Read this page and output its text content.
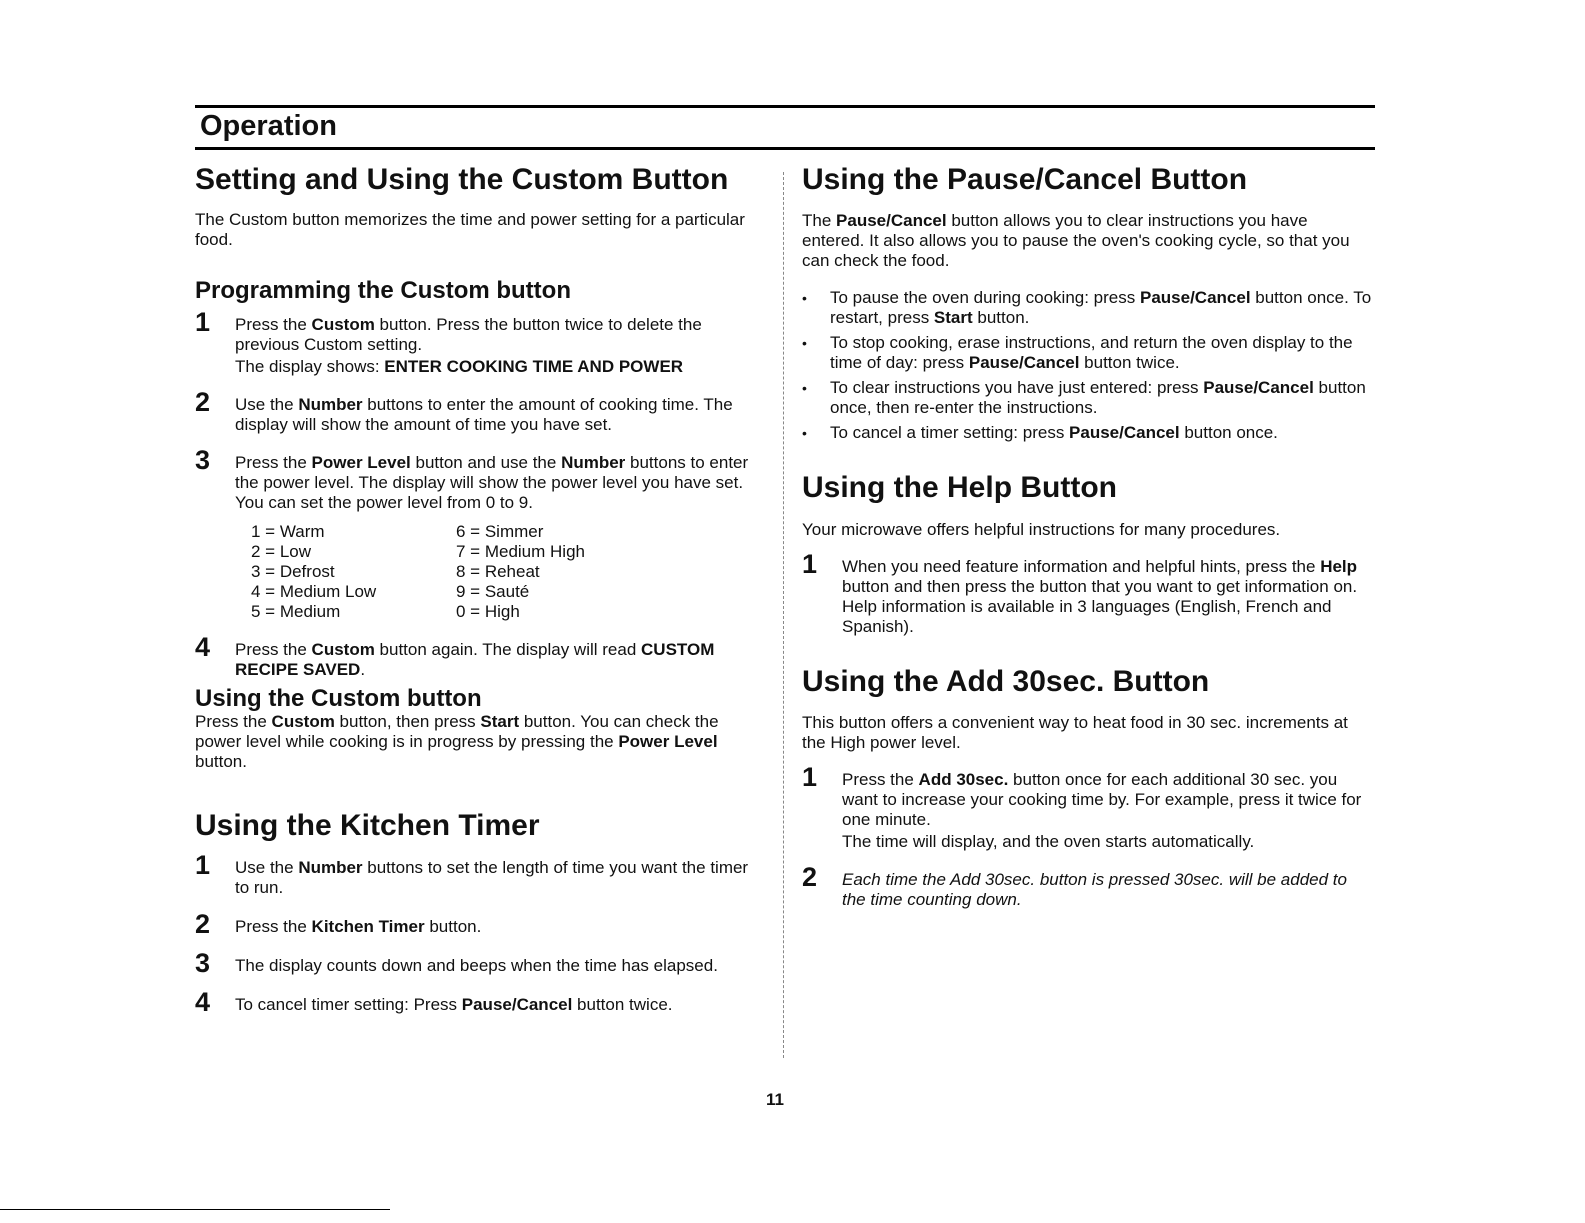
Operation
Setting and Using the Custom Button

The Custom button memorizes the time and power setting for a particular food.

Programming the Custom button
1 Press the Custom button. Press the button twice to delete the previous Custom setting.

The display shows: ENTER COOKING TIME AND POWER

2 Use the Number buttons to enter the amount of cooking time. The display will show the amount of time you have set.

3 Press the Power Level button and use the Number buttons to enter the power level. The display will show the power level you have set. You can set the power level from 0 to 9.

1 = Warm	6 = Simmer
2 = Low	7 = Medium High
3 = Defrost	8 = Reheat
4 = Medium Low	9 = Sauté
5 = Medium	0 = High
4 Press the Custom button again. The display will read CUSTOM RECIPE SAVED.

Using the Custom button

Press the Custom button, then press Start button. You can check the power level while cooking is in progress by pressing the Power Level button.

Using the Kitchen Timer
1 Use the Number buttons to set the length of time you want the timer to run.

2 Press the Kitchen Timer button.

3 The display counts down and beeps when the time has elapsed.

4 To cancel timer setting: Press Pause/Cancel button twice.

Using the Pause/Cancel Button

The Pause/Cancel button allows you to clear instructions you have entered. It also allows you to pause the oven's cooking cycle, so that you can check the food.

• To pause the oven during cooking: press Pause/Cancel button once. To restart, press Start button.
• To stop cooking, erase instructions, and return the oven display to the time of day: press Pause/Cancel button twice.
• To clear instructions you have just entered: press Pause/Cancel button once, then re-enter the instructions.
• To cancel a timer setting: press Pause/Cancel button once.
Using the Help Button

Your microwave offers helpful instructions for many procedures.

1 When you need feature information and helpful hints, press the Help button and then press the button that you want to get information on. Help information is available in 3 languages (English, French and Spanish).

Using the Add 30sec. Button

This button offers a convenient way to heat food in 30 sec. increments at the High power level.

1 Press the Add 30sec. button once for each additional 30 sec. you want to increase your cooking time by. For example, press it twice for one minute.

The time will display, and the oven starts automatically.

2 Each time the Add 30sec. button is pressed 30sec. will be added to the time counting down.

11
